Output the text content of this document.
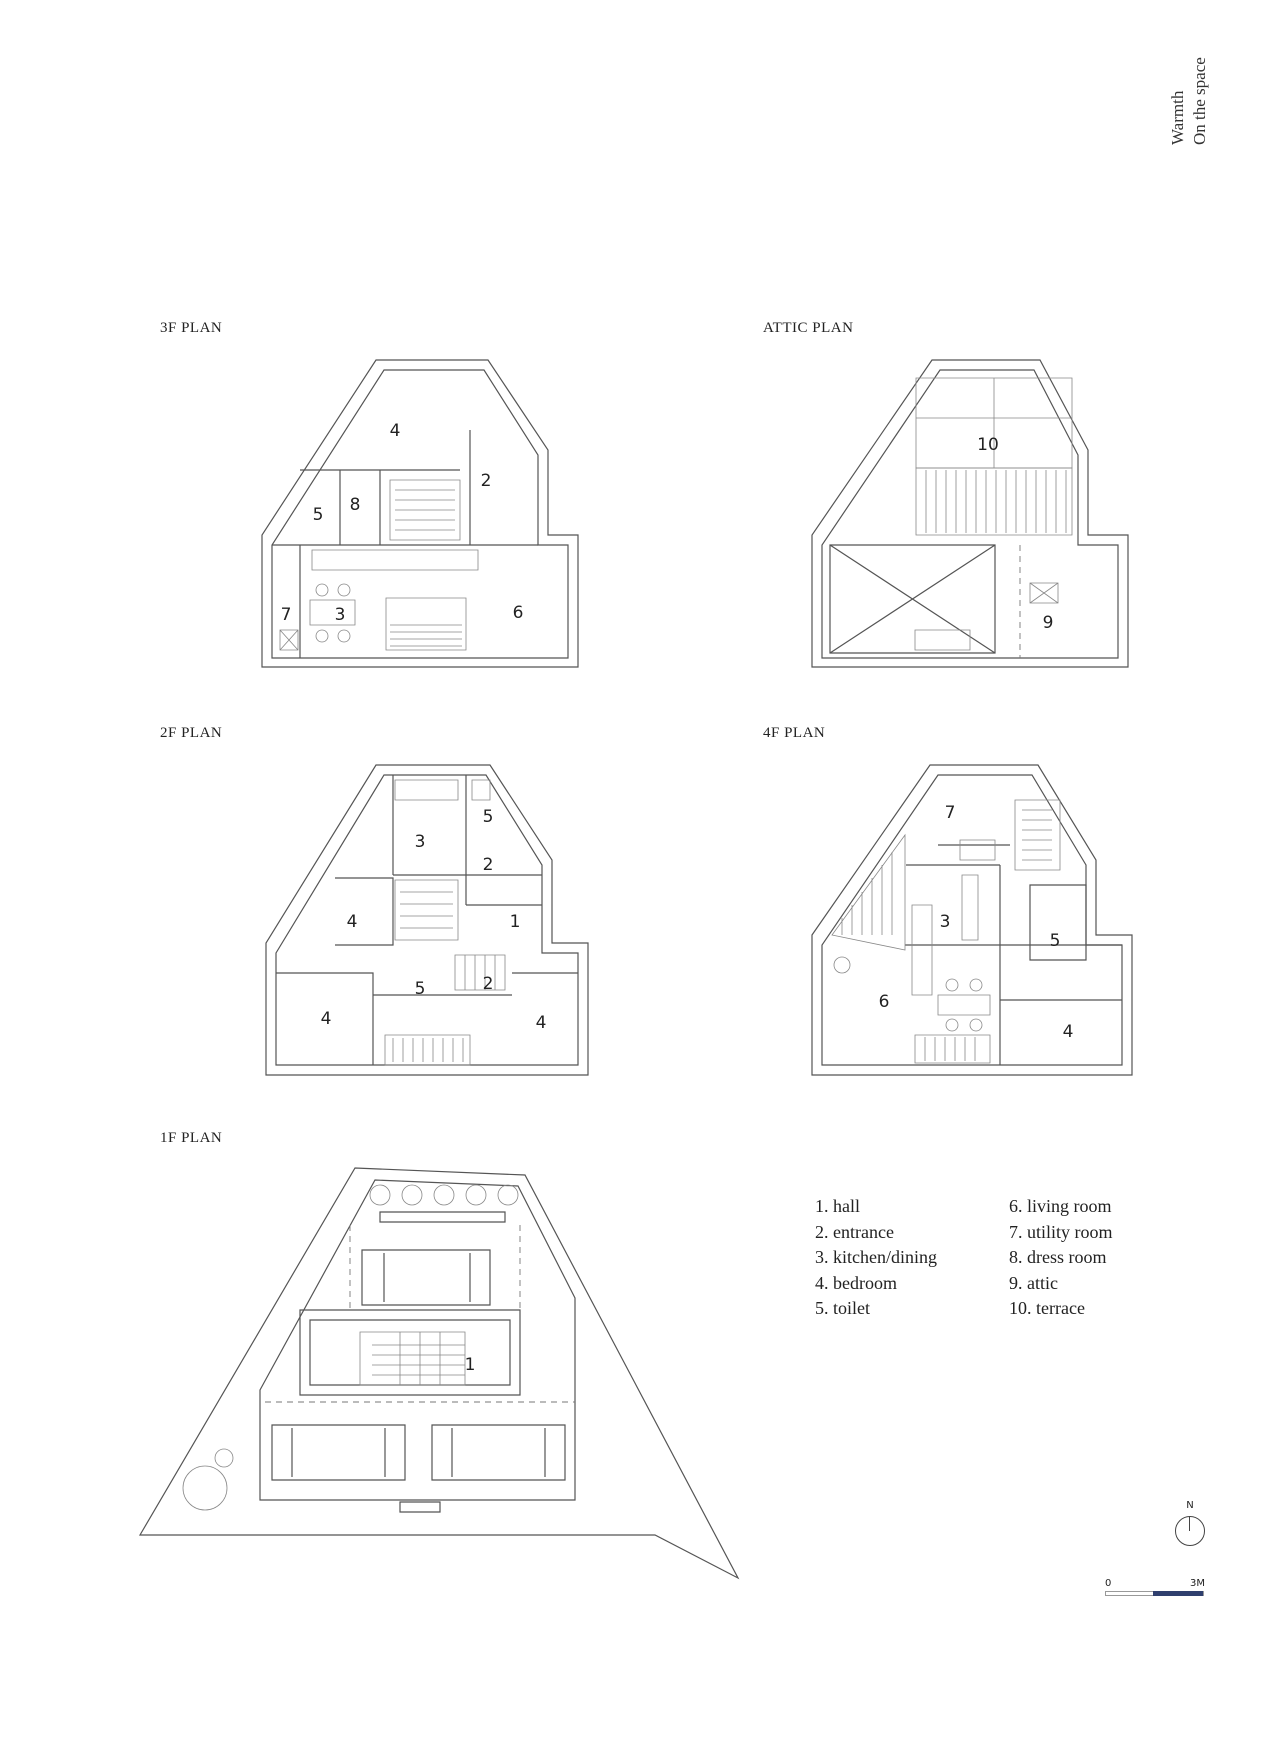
Warmth On the space
3F PLAN
4
2
8
5
7	3	6
ATTIC PLAN
10
9
2F PLAN
3
5
2
4	1
5	2
4	4
4F PLAN
7
3
5
6
4
1F PLAN
1
1. hall
2. entrance
3. kitchen/dining
4. bedroom
5. toilet
6. living room
7. utility room
8. dress room
9. attic
10. terrace
N
0	3M
